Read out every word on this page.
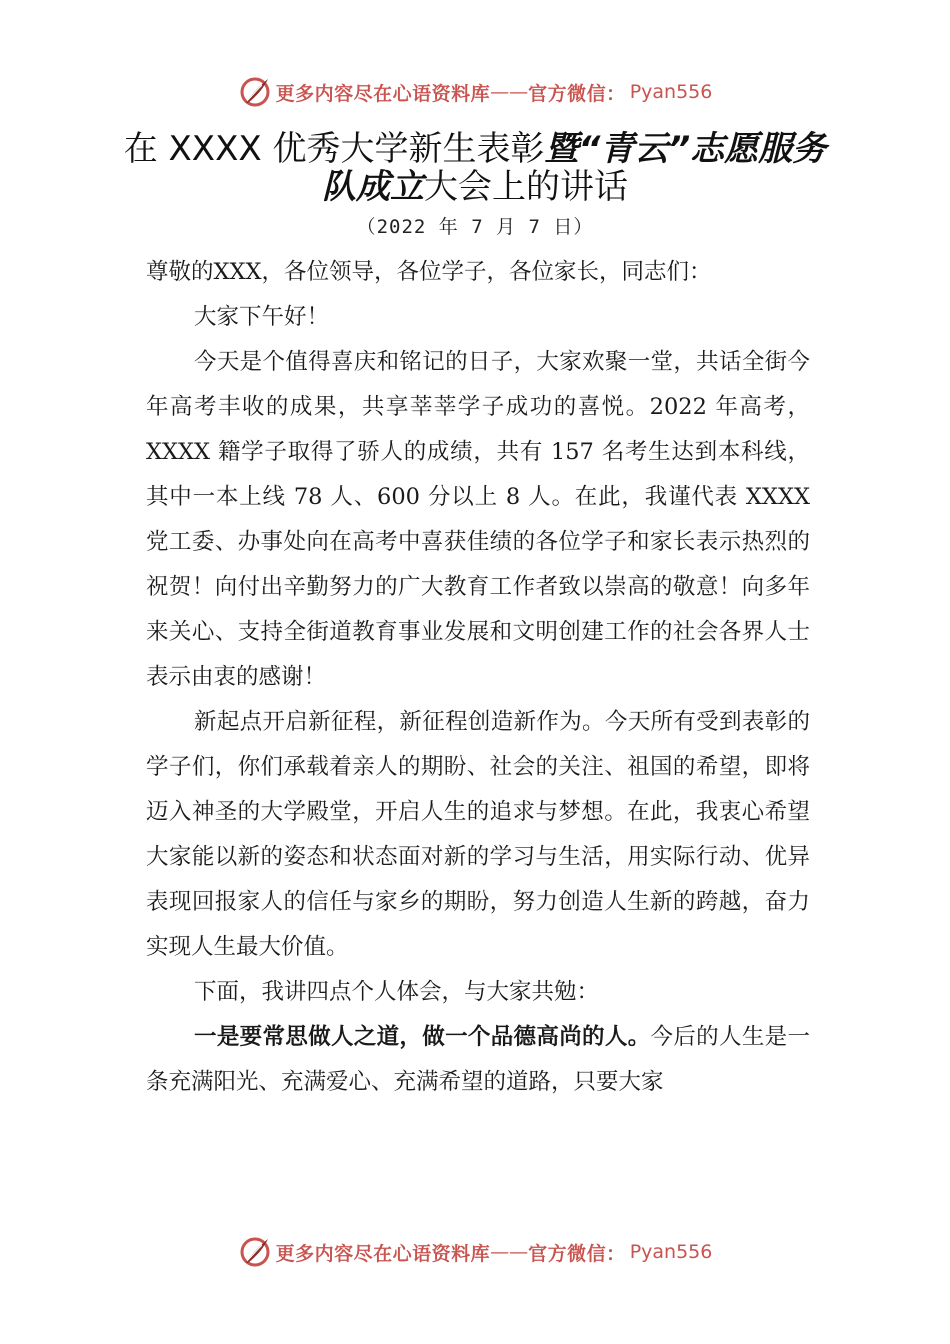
更多内容尽在心语资料库 —— 官方微信： Pyan556
在 XXXX 优秀大学新生表彰暨“青云”志愿服务队成立大会上的讲话
（2022 年 7 月 7 日）

尊敬的XXX，各位领导，各位学子，各位家长，同志们：

大家下午好！

今天是个值得喜庆和铭记的日子，大家欢聚一堂，共话全街今年高考丰收的成果，共享莘莘学子成功的喜悦。2022 年高考，XXXX 籍学子取得了骄人的成绩，共有 157 名考生达到本科线，其中一本上线 78 人、600 分以上 8 人。在此，我谨代表 XXXX 党工委、办事处向在高考中喜获佳绩的各位学子和家长表示热烈的祝贺！向付出辛勤努力的广大教育工作者致以崇高的敬意！向多年来关心、支持全街道教育事业发展和文明创建工作的社会各界人士表示由衷的感谢！

新起点开启新征程，新征程创造新作为。今天所有受到表彰的学子们，你们承载着亲人的期盼、社会的关注、祖国的希望，即将迈入神圣的大学殿堂，开启人生的追求与梦想。在此，我衷心希望大家能以新的姿态和状态面对新的学习与生活，用实际行动、优异表现回报家人的信任与家乡的期盼，努力创造人生新的跨越，奋力实现人生最大价值。

下面，我讲四点个人体会，与大家共勉：

一是要常思做人之道，做一个品德高尚的人。今后的人生是一条充满阳光、充满爱心、充满希望的道路，只要大家

更多内容尽在心语资料库 —— 官方微信： Pyan556
